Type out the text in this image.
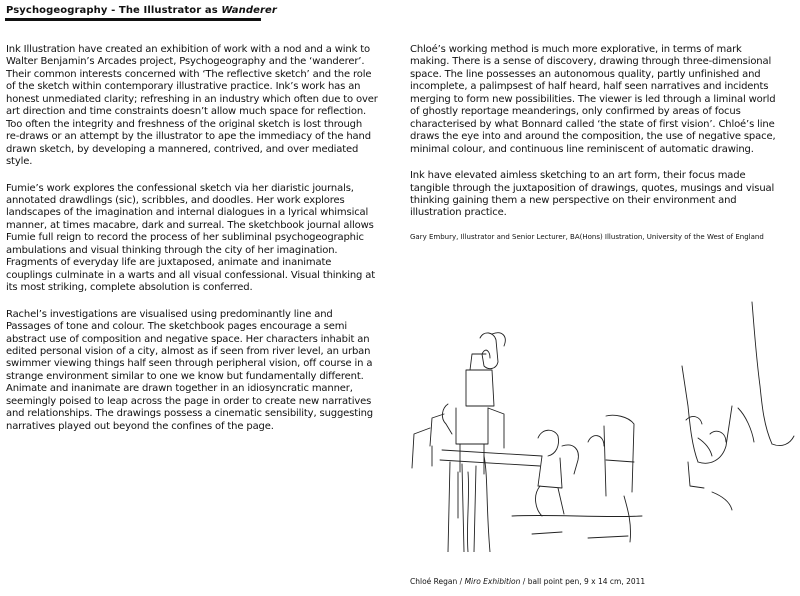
Psychogeography - The Illustrator as Wanderer

Ink Illustration have created an exhibition of work with a nod and a wink to Walter Benjamin’s Arcades project, Psychogeography and the ‘wanderer’. Their common interests concerned with ‘The reflective sketch’ and the role of the sketch within contemporary illustrative practice. Ink’s work has an honest unmediated clarity; refreshing in an industry which often due to over art direction and time constraints doesn’t allow much space for reflection. Too often the integrity and freshness of the original sketch is lost through re-draws or an attempt by the illustrator to ape the immediacy of the hand drawn sketch, by developing a mannered, contrived, and over mediated style.

Fumie’s work explores the confessional sketch via her diaristic journals, annotated drawdlings (sic), scribbles, and doodles. Her work explores landscapes of the imagination and internal dialogues in a lyrical whimsical manner, at times macabre, dark and surreal. The sketchbook journal allows Fumie full reign to record the process of her subliminal psychogeographic ambulations and visual thinking through the city of her imagination. Fragments of everyday life are juxtaposed, animate and inanimate couplings culminate in a warts and all visual confessional. Visual thinking at its most striking, complete absolution is conferred.

Rachel’s investigations are visualised using predominantly line and Passages of tone and colour. The sketchbook pages encourage a semi abstract use of composition and negative space. Her characters inhabit an edited personal vision of a city, almost as if seen from river level, an urban swimmer viewing things half seen through peripheral vision, off course in a strange environment similar to one we know but fundamentally different. Animate and inanimate are drawn together in an idiosyncratic manner, seemingly poised to leap across the page in order to create new narratives and relationships. The drawings possess a cinematic sensibility, suggesting narratives played out beyond the confines of the page.

Chloé’s working method is much more explorative, in terms of mark making. There is a sense of discovery, drawing through three-dimensional space. The line possesses an autonomous quality, partly unfinished and incomplete, a palimpsest of half heard, half seen narratives and incidents merging to form new possibilities. The viewer is led through a liminal world of ghostly reportage meanderings, only confirmed by areas of focus characterised by what Bonnard called ‘the state of first vision’. Chloé’s line draws the eye into and around the composition, the use of negative space, minimal colour, and continuous line reminiscent of automatic drawing.

Ink have elevated aimless sketching to an art form, their focus made tangible through the juxtaposition of drawings, quotes, musings and visual thinking gaining them a new perspective on their environment and illustration practice.

Gary Embury, Illustrator and Senior Lecturer, BA(Hons) Illustration, University of the West of England
Chloé Regan / Miro Exhibition / ball point pen, 9 x 14 cm, 2011
